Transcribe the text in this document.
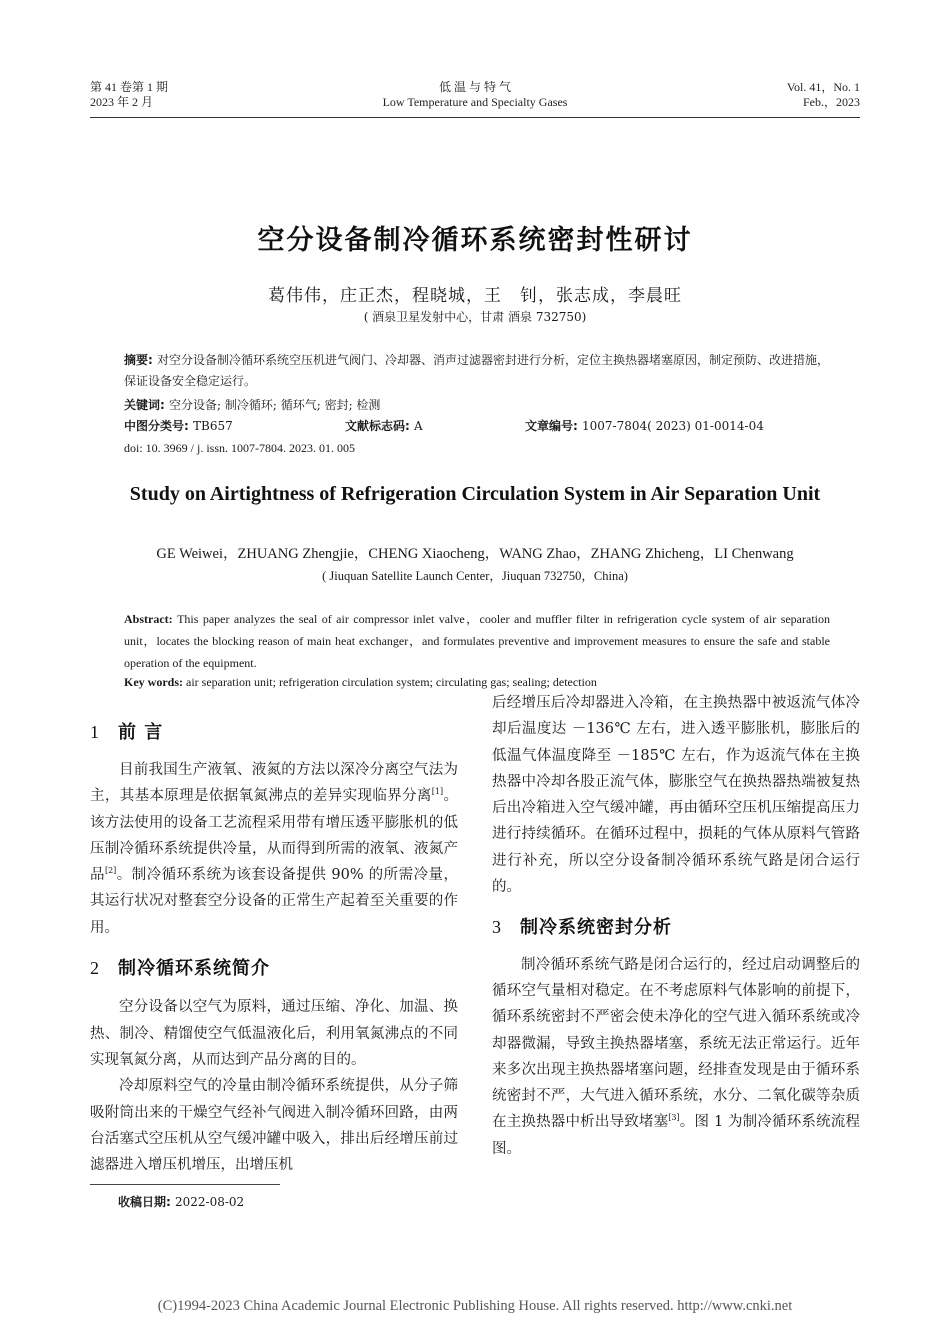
第 41 卷第 1 期
2023 年 2 月
低 温 与 特 气
Low Temperature and Specialty Gases
Vol. 41，No. 1
Feb.，2023
空分设备制冷循环系统密封性研讨
葛伟伟，庄正杰，程晓城，王　钊，张志成，李晨旺
( 酒泉卫星发射中心，甘肃 酒泉 732750)
摘要: 对空分设备制冷循环系统空压机进气阀门、冷却器、消声过滤器密封进行分析，定位主换热器堵塞原因，制定预防、改进措施，保证设备安全稳定运行。
关键词: 空分设备; 制冷循环; 循环气; 密封; 检测
中图分类号: TB657	文献标志码: A	文章编号: 1007-7804( 2023) 01-0014-04
doi: 10. 3969 / j. issn. 1007-7804. 2023. 01. 005
Study on Airtightness of Refrigeration Circulation System in Air Separation Unit
GE Weiwei，ZHUANG Zhengjie，CHENG Xiaocheng，WANG Zhao，ZHANG Zhicheng，LI Chenwang
( Jiuquan Satellite Launch Center，Jiuquan 732750，China)
Abstract: This paper analyzes the seal of air compressor inlet valve，cooler and muffler filter in refrigeration cycle system of air separation unit，locates the blocking reason of main heat exchanger，and formulates preventive and improvement measures to ensure the safe and stable operation of the equipment.
Key words: air separation unit; refrigeration circulation system; circulating gas; sealing; detection
1 前 言

目前我国生产液氧、液氮的方法以深冷分离空气法为主，其基本原理是依据氧氮沸点的差异实现临界分离[1]。该方法使用的设备工艺流程采用带有增压透平膨胀机的低压制冷循环系统提供冷量，从而得到所需的液氧、液氮产品[2]。制冷循环系统为该套设备提供 90% 的所需冷量，其运行状况对整套空分设备的正常生产起着至关重要的作用。

2 制冷循环系统简介

空分设备以空气为原料，通过压缩、净化、加温、换热、制冷、精馏使空气低温液化后，利用氧氮沸点的不同实现氧氮分离，从而达到产品分离的目的。

冷却原料空气的冷量由制冷循环系统提供，从分子筛吸附筒出来的干燥空气经补气阀进入制冷循环回路，由两台活塞式空压机从空气缓冲罐中吸入，排出后经增压前过滤器进入增压机增压，出增压机

后经增压后冷却器进入冷箱，在主换热器中被返流气体冷却后温度达 －136℃ 左右，进入透平膨胀机，膨胀后的低温气体温度降至 －185℃ 左右，作为返流气体在主换热器中冷却各股正流气体，膨胀空气在换热器热端被复热后出冷箱进入空气缓冲罐，再由循环空压机压缩提高压力进行持续循环。在循环过程中，损耗的气体从原料气管路进行补充，所以空分设备制冷循环系统气路是闭合运行的。

3 制冷系统密封分析

制冷循环系统气路是闭合运行的，经过启动调整后的循环空气量相对稳定。在不考虑原料气体影响的前提下，循环系统密封不严密会使未净化的空气进入循环系统或冷却器微漏，导致主换热器堵塞，系统无法正常运行。近年来多次出现主换热器堵塞问题，经排查发现是由于循环系统密封不严，大气进入循环系统，水分、二氧化碳等杂质在主换热器中析出导致堵塞[3]。图 1 为制冷循环系统流程图。

收稿日期: 2022-08-02
(C)1994-2023 China Academic Journal Electronic Publishing House. All rights reserved. http://www.cnki.net
